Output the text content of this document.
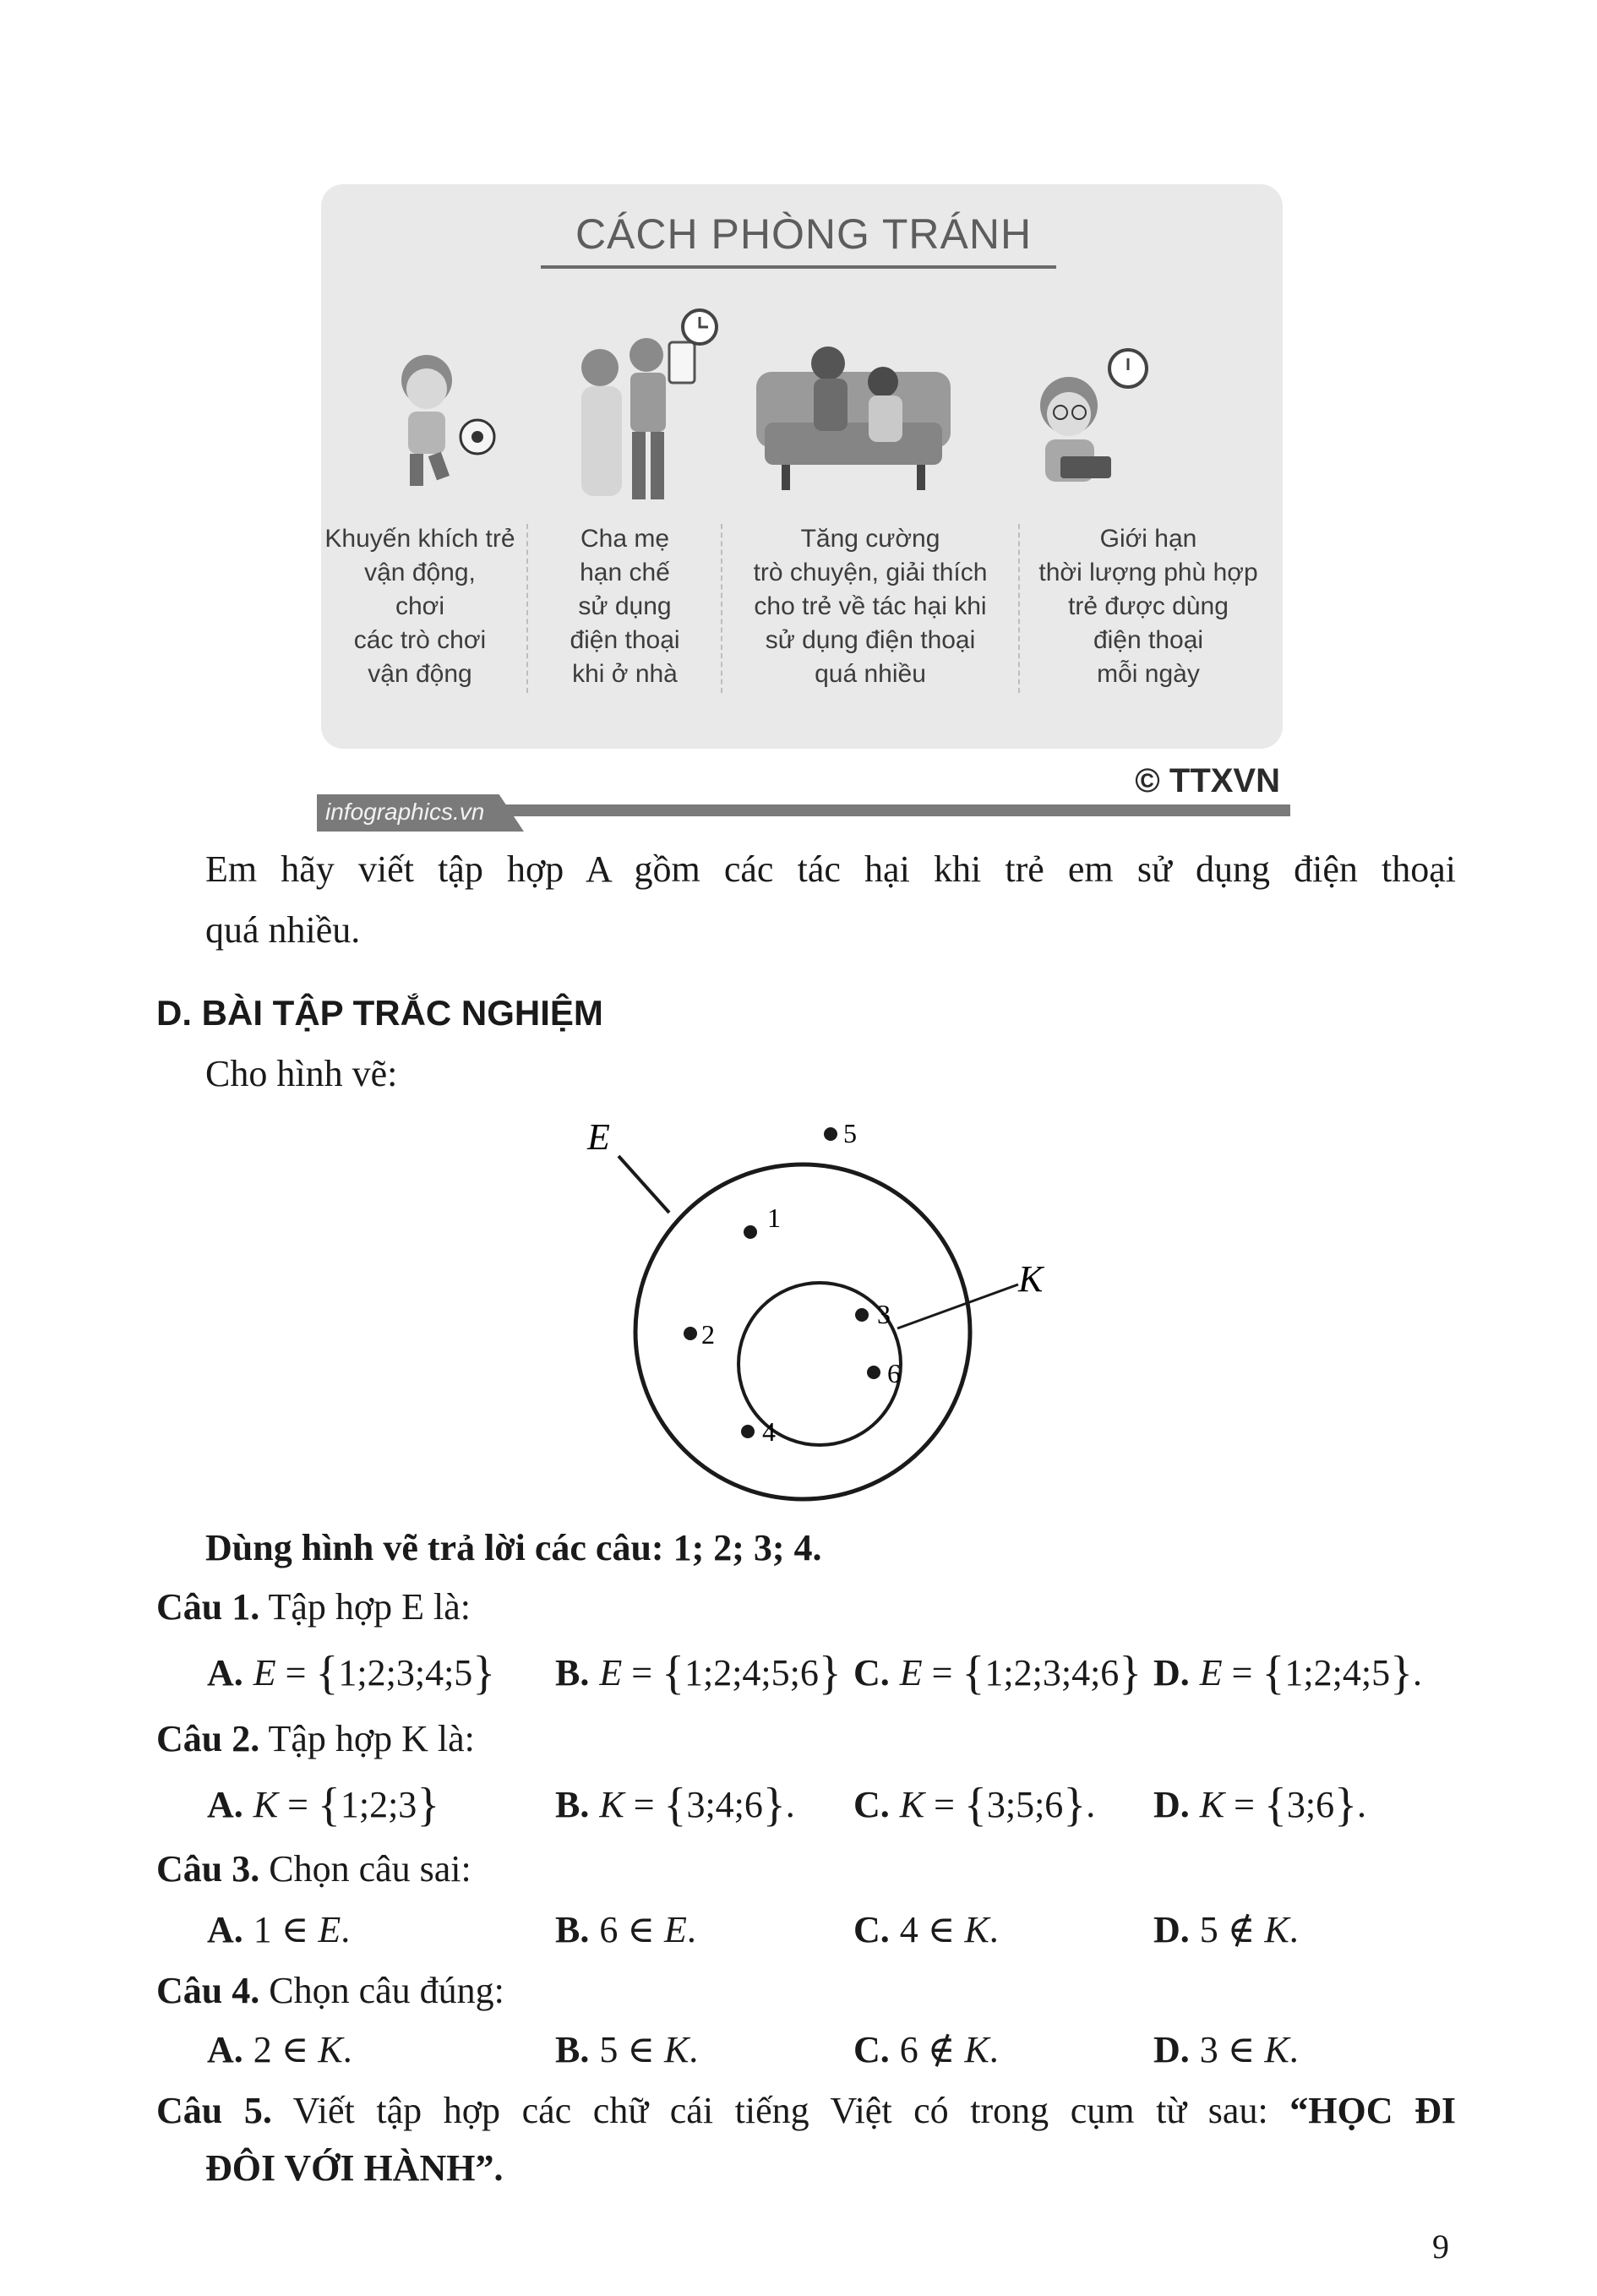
CÁCH PHÒNG TRÁNH
Khuyến khích trẻ
vận động,
chơi
các trò chơi
vận động
Cha mẹ
hạn chế
sử dụng
điện thoại
khi ở nhà
Tăng cường
trò chuyện, giải thích
cho trẻ về tác hại khi
sử dụng điện thoại
quá nhiều
Giới hạn
thời lượng phù hợp
trẻ được dùng
điện thoại
mỗi ngày
infographics.vn
© TTXVN
Em hãy viết tập hợp A gồm các tác hại khi trẻ em sử dụng điện thoại
quá nhiều.
D. BÀI TẬP TRẮC NGHIỆM
Cho hình vẽ:
E
K
1
2
3
4
5
6
Dùng hình vẽ trả lời các câu: 1; 2; 3; 4.
Câu 1. Tập hợp E là:
A. E = {1;2;3;4;5} B. E = {1;2;4;5;6} C. E = {1;2;3;4;6} D. E = {1;2;4;5}.
Câu 2. Tập hợp K là:
A. K = {1;2;3}	B. K = {3;4;6}. C. K = {3;5;6}. D. K = {3;6}.
Câu 3. Chọn câu sai:
A. 1 ∈ E.	B. 6 ∈ E.	C. 4 ∈ K.	D. 5 ∉ K.
Câu 4. Chọn câu đúng:
A. 2 ∈ K.	B. 5 ∈ K.	C. 6 ∉ K.	D. 3 ∈ K.
Câu 5. Viết tập hợp các chữ cái tiếng Việt có trong cụm từ sau: “HỌC ĐI
ĐÔI VỚI HÀNH”.
9
